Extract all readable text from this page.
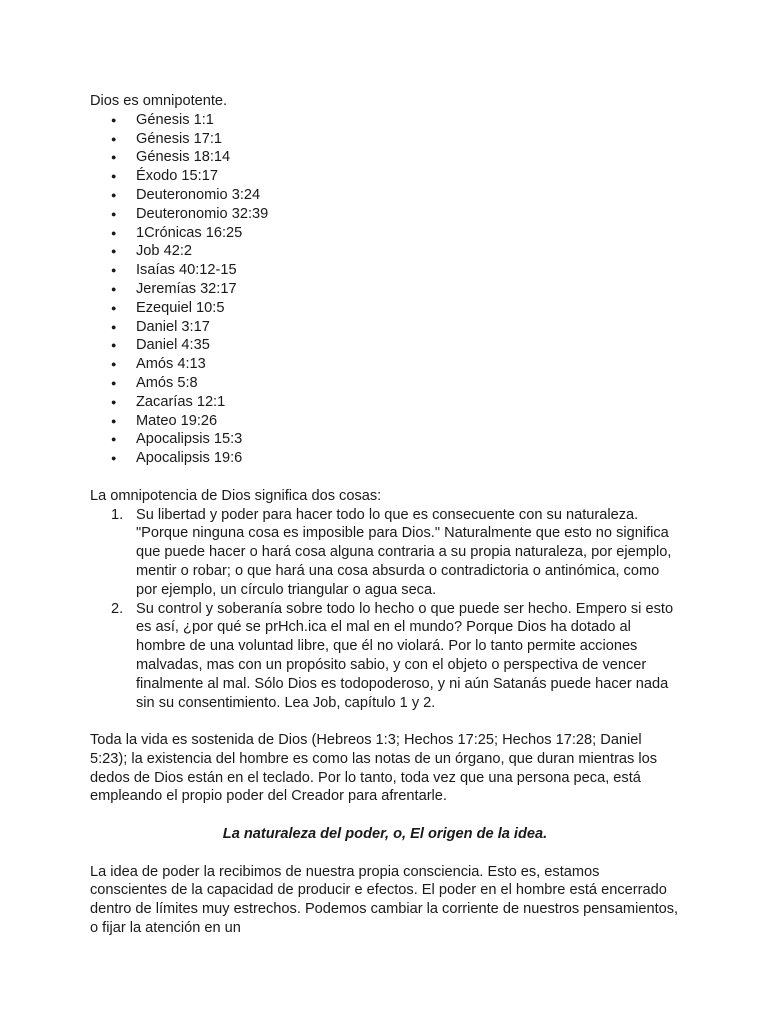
Dios es omnipotente.

● Génesis 1:1
● Génesis 17:1
● Génesis 18:14
● Éxodo 15:17
● Deuteronomio 3:24
● Deuteronomio 32:39
● 1Crónicas 16:25
● Job 42:2
● Isaías 40:12-15
● Jeremías 32:17
● Ezequiel 10:5
● Daniel 3:17
● Daniel 4:35
● Amós 4:13
● Amós 5:8
● Zacarías 12:1
● Mateo 19:26
● Apocalipsis 15:3
● Apocalipsis 19:6

La omnipotencia de Dios significa dos cosas:

1. Su libertad y poder para hacer todo lo que es consecuente con su naturaleza. "Porque ninguna cosa es imposible para Dios." Naturalmente que esto no significa que puede hacer o hará cosa alguna contraria a su propia naturaleza, por ejemplo, mentir o robar; o que hará una cosa absurda o contradictoria o antinómica, como por ejemplo, un círculo triangular o agua seca.
2. Su control y soberanía sobre todo lo hecho o que puede ser hecho. Empero si esto es así, ¿por qué se prHch.ica el mal en el mundo? Porque Dios ha dotado al hombre de una voluntad libre, que él no violará. Por lo tanto permite acciones malvadas, mas con un propósito sabio, y con el objeto o perspectiva de vencer finalmente al mal. Sólo Dios es todopoderoso, y ni aún Satanás puede hacer nada sin su consentimiento. Lea Job, capítulo 1 y 2.

Toda la vida es sostenida de Dios (Hebreos 1:3; Hechos 17:25; Hechos 17:28; Daniel 5:23); la existencia del hombre es como las notas de un órgano, que duran mientras los dedos de Dios están en el teclado. Por lo tanto, toda vez que una persona peca, está empleando el propio poder del Creador para afrentarle.

La naturaleza del poder, o, El origen de la idea.

La idea de poder la recibimos de nuestra propia consciencia. Esto es, estamos conscientes de la capacidad de producir e efectos. El poder en el hombre está encerrado dentro de límites muy estrechos. Podemos cambiar la corriente de nuestros pensamientos, o fijar la atención en un
